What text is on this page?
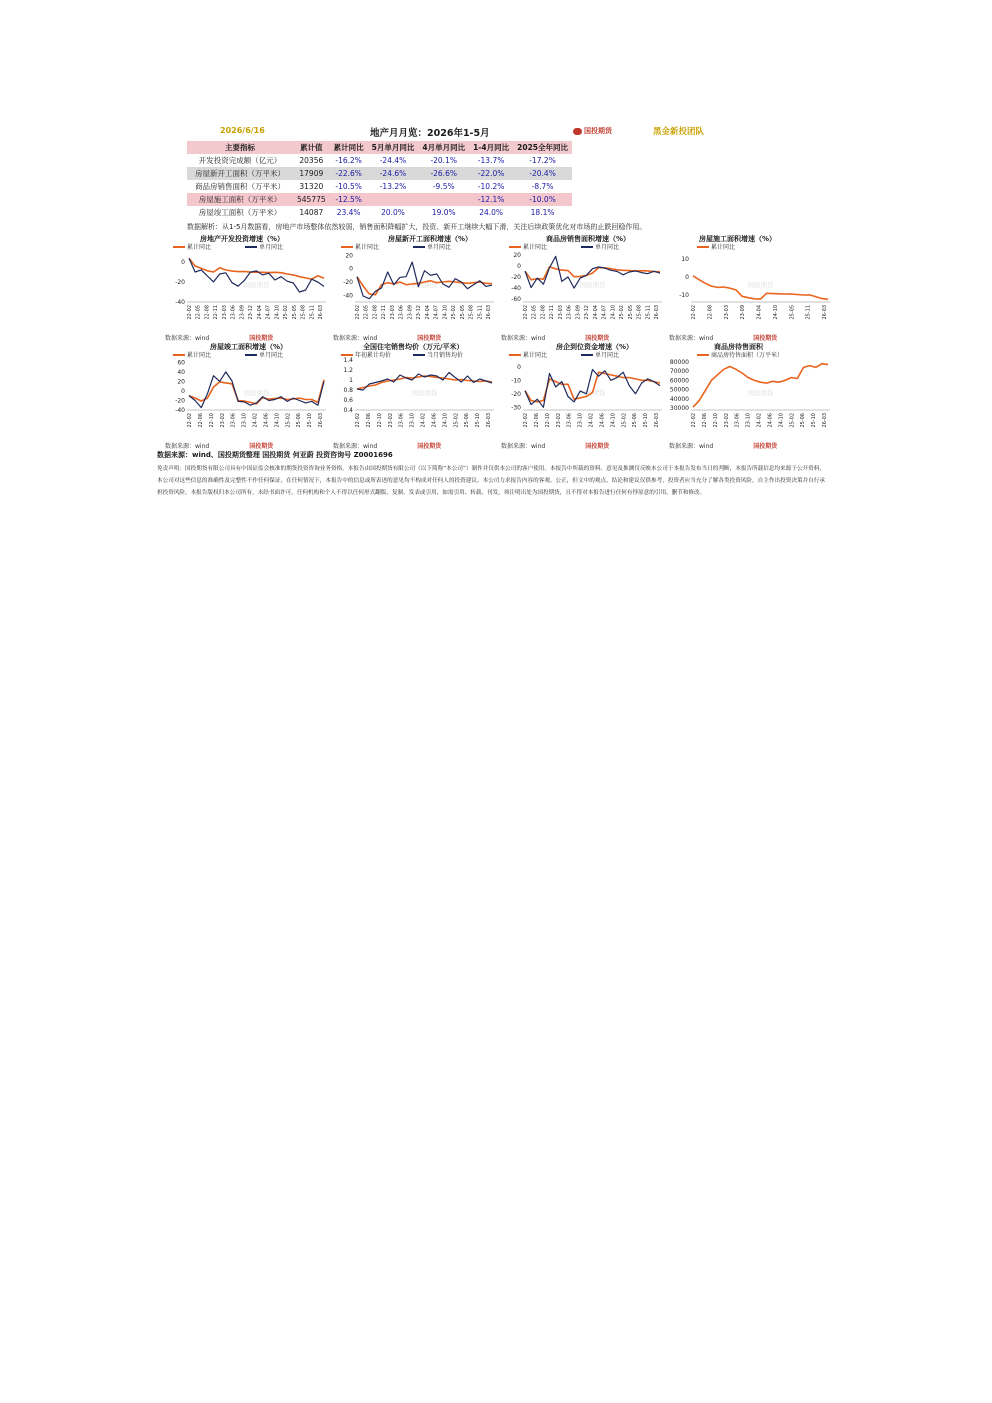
2026/6/16	地产月月览：2026年1-5月	国投期货	黑金新投团队
主要指标	累计值	累计同比	5月单月同比	4月单月同比	1-4月同比	2025全年同比
开发投资完成额（亿元）	20356	-16.2%	-24.4%	-20.1%	-13.7%	-17.2%
房屋新开工面积（万平米）	17909	-22.6%	-24.6%	-26.6%	-22.0%	-20.4%
商品房销售面积（万平米）	31320	-10.5%	-13.2%	-9.5%	-10.2%	-8.7%
房屋施工面积（万平米）	545775	-12.5%			-12.1%	-10.0%
房屋竣工面积（万平米）	14087	23.4%	20.0%	19.0%	24.0%	18.1%
数据解析：从1-5月数据看，房地产市场整体依然较弱，销售面积降幅扩大，投资、新开工继续大幅下滑，关注后续政策优化对市场的止跌回稳作用。
0
-20
-40
22-02 22-05 22-08 22-11 23-03 23-06 23-09 23-12 24-04 24-07 24-10 25-02 25-05 25-08 25-11 26-03
国投期货
累计同比	单月同比
房地产开发投资增速（%）
数据来源：wind	国投期货
20
0
-20
-40
22-02 22-05 22-08 22-11 23-03 23-06 23-09 23-12 24-04 24-07 24-10 25-02 25-05 25-08 25-11 26-03
国投期货
累计同比	单月同比
房屋新开工面积增速（%）
数据来源：wind	国投期货
20
0
-20
-40
-60
22-02 22-05 22-08 22-11 23-03 23-06 23-09 23-12 24-04 24-07 24-10 25-02 25-05 25-08 25-11 26-03
国投期货
累计同比	单月同比
商品房销售面积增速（%）
数据来源：wind	国投期货
10
0
-10
22-02 22-08 23-03 23-09 24-04 24-10 25-05 25-11 26-03
国投期货
累计同比
房屋施工面积增速（%）
数据来源：wind	国投期货
60
40
20
0
-20
-40
22-02 22-06 22-10 23-02 23-06 23-10 24-02 24-06 24-10 25-02 25-06 25-10 26-03
国投期货
累计同比	单月同比
房屋竣工面积增速（%）
数据来源：wind	国投期货
1.4
1.2
1
0.8
0.6
0.4
22-02 22-06 22-10 23-02 23-06 23-10 24-02 24-06 24-10 25-02 25-06 25-10 26-03
国投期货
年初累计均价	当月销售均价
全国住宅销售均价（万元/平米）
数据来源：wind	国投期货
0
-10
-20
-30
22-02 22-06 22-10 23-02 23-06 23-10 24-02 24-06 24-10 25-02 25-06 25-10 26-03
国投期货
累计同比	单月同比
房企到位资金增速（%）
数据来源：wind	国投期货
80000
70000
60000
50000
40000
30000
22-02 22-06 22-10 23-02 23-06 23-10 24-02 24-06 24-10 25-02 25-06 25-10 26-03
国投期货
商品房待售面积（万平米）
商品房待售面积
数据来源：wind	国投期货
数据来源：wind、国投期货整理 国投期货 何亚蔚 投资咨询号 Z0001696
免责声明：国投期货有限公司具有中国证监会核准的期货投资咨询业务资格。本报告由国投期货有限公司（以下简称“本公司”）制作并仅供本公司的客户使用。本报告中所载的资料、意见及推测仅反映本公司于本报告发布当日的判断，本报告所载信息均来源于公开资料，本公司对这些信息的准确性及完整性不作任何保证，在任何情况下，本报告中的信息或所表述的意见均不构成对任何人的投资建议。本公司力求报告内容的客观、公正，但文中的观点、结论和建议仅供参考，投资者应当充分了解各类投资风险，自主作出投资决策并自行承担投资风险。本报告版权归本公司所有，未经书面许可，任何机构和个人不得以任何形式翻版、复制、发表或引用，如需引用、转载、刊发，须注明出处为国投期货，且不得对本报告进行任何有悖原意的引用、删节和修改。
